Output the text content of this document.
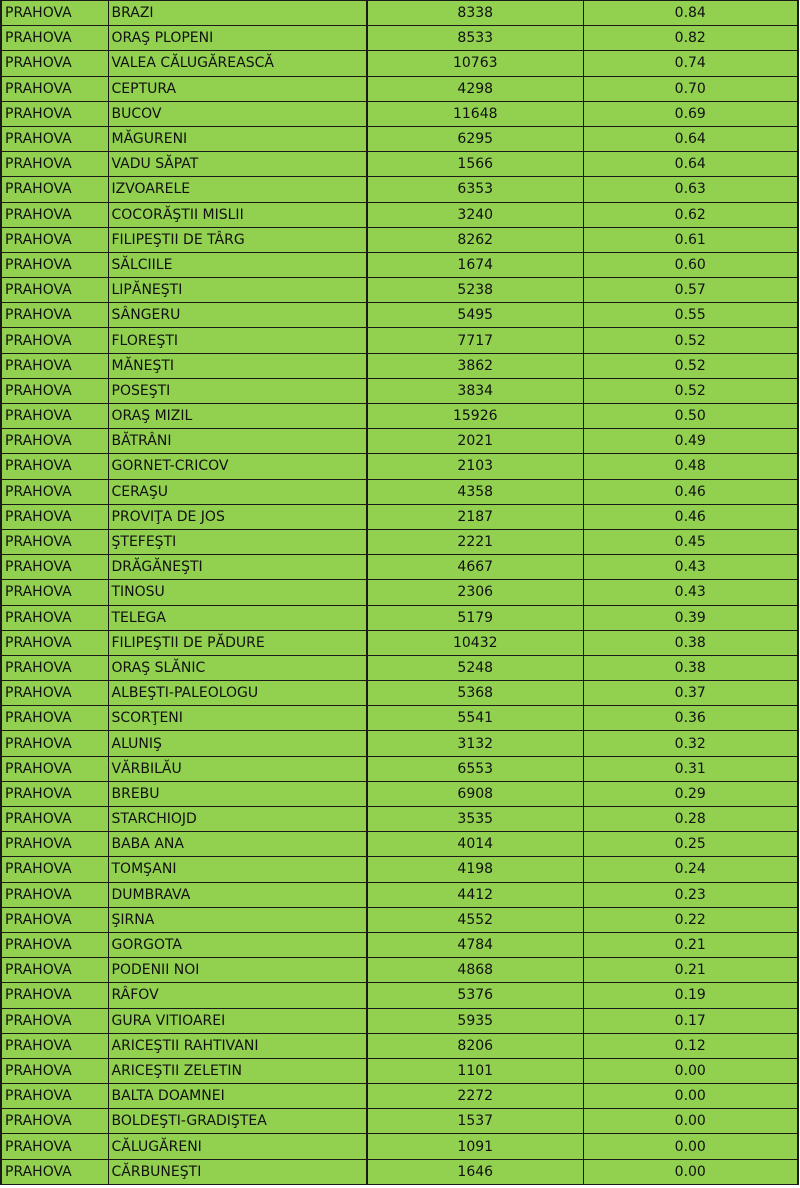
PRAHOVA	BRAZI	8338	0.84
PRAHOVA	ORAŞ PLOPENI	8533	0.82
PRAHOVA	VALEA CĂLUGĂREASCĂ	10763	0.74
PRAHOVA	CEPTURA	4298	0.70
PRAHOVA	BUCOV	11648	0.69
PRAHOVA	MĂGURENI	6295	0.64
PRAHOVA	VADU SĂPAT	1566	0.64
PRAHOVA	IZVOARELE	6353	0.63
PRAHOVA	COCORĂŞTII MISLII	3240	0.62
PRAHOVA	FILIPEŞTII DE TÂRG	8262	0.61
PRAHOVA	SĂLCIILE	1674	0.60
PRAHOVA	LIPĂNEŞTI	5238	0.57
PRAHOVA	SÂNGERU	5495	0.55
PRAHOVA	FLOREŞTI	7717	0.52
PRAHOVA	MĂNEŞTI	3862	0.52
PRAHOVA	POSEŞTI	3834	0.52
PRAHOVA	ORAŞ MIZIL	15926	0.50
PRAHOVA	BĂTRÂNI	2021	0.49
PRAHOVA	GORNET-CRICOV	2103	0.48
PRAHOVA	CERAŞU	4358	0.46
PRAHOVA	PROVIŢA DE JOS	2187	0.46
PRAHOVA	ŞTEFEŞTI	2221	0.45
PRAHOVA	DRĂGĂNEŞTI	4667	0.43
PRAHOVA	TINOSU	2306	0.43
PRAHOVA	TELEGA	5179	0.39
PRAHOVA	FILIPEŞTII DE PĂDURE	10432	0.38
PRAHOVA	ORAŞ SLĂNIC	5248	0.38
PRAHOVA	ALBEŞTI-PALEOLOGU	5368	0.37
PRAHOVA	SCORŢENI	5541	0.36
PRAHOVA	ALUNIŞ	3132	0.32
PRAHOVA	VĂRBILĂU	6553	0.31
PRAHOVA	BREBU	6908	0.29
PRAHOVA	STARCHIOJD	3535	0.28
PRAHOVA	BABA ANA	4014	0.25
PRAHOVA	TOMŞANI	4198	0.24
PRAHOVA	DUMBRAVA	4412	0.23
PRAHOVA	ŞIRNA	4552	0.22
PRAHOVA	GORGOTA	4784	0.21
PRAHOVA	PODENII NOI	4868	0.21
PRAHOVA	RÂFOV	5376	0.19
PRAHOVA	GURA VITIOAREI	5935	0.17
PRAHOVA	ARICEŞTII RAHTIVANI	8206	0.12
PRAHOVA	ARICEŞTII ZELETIN	1101	0.00
PRAHOVA	BALTA DOAMNEI	2272	0.00
PRAHOVA	BOLDEŞTI-GRADIŞTEA	1537	0.00
PRAHOVA	CĂLUGĂRENI	1091	0.00
PRAHOVA	CĂRBUNEŞTI	1646	0.00
